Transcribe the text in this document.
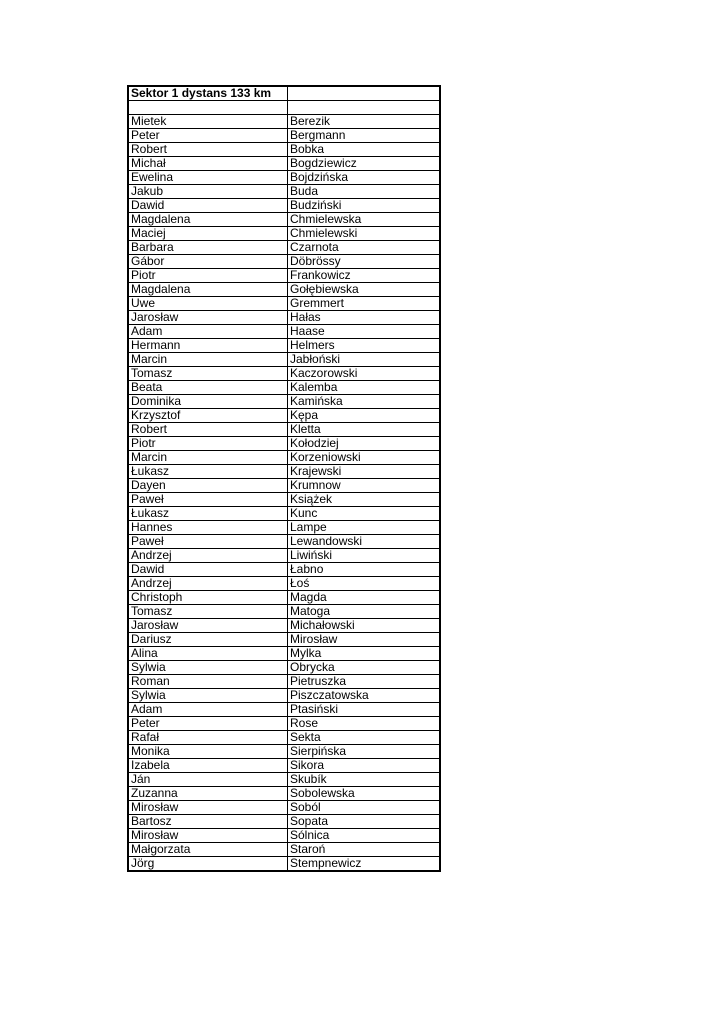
Sektor 1 dystans 133 km	

Mietek	Berezik
Peter	Bergmann
Robert	Bobka
Michał	Bogdziewicz
Ewelina	Bojdzińska
Jakub	Buda
Dawid	Budziński
Magdalena	Chmielewska
Maciej	Chmielewski
Barbara	Czarnota
Gábor	Döbrössy
Piotr	Frankowicz
Magdalena	Gołębiewska
Uwe	Gremmert
Jarosław	Hałas
Adam	Haase
Hermann	Helmers
Marcin	Jabłoński
Tomasz	Kaczorowski
Beata	Kalemba
Dominika	Kamińska
Krzysztof	Kępa
Robert	Kletta
Piotr	Kołodziej
Marcin	Korzeniowski
Łukasz	Krajewski
Dayen	Krumnow
Paweł	Książek
Łukasz	Kunc
Hannes	Lampe
Paweł	Lewandowski
Andrzej	Liwiński
Dawid	Łabno
Andrzej	Łoś
Christoph	Magda
Tomasz	Matoga
Jarosław	Michałowski
Dariusz	Mirosław
Alina	Mylka
Sylwia	Obrycka
Roman	Pietruszka
Sylwia	Piszczatowska
Adam	Ptasiński
Peter	Rose
Rafał	Sekta
Monika	Sierpińska
Izabela	Sikora
Ján	Skubík
Zuzanna	Sobolewska
Mirosław	Soból
Bartosz	Sopata
Mirosław	Sólnica
Małgorzata	Staroń
Jörg	Stempnewicz
